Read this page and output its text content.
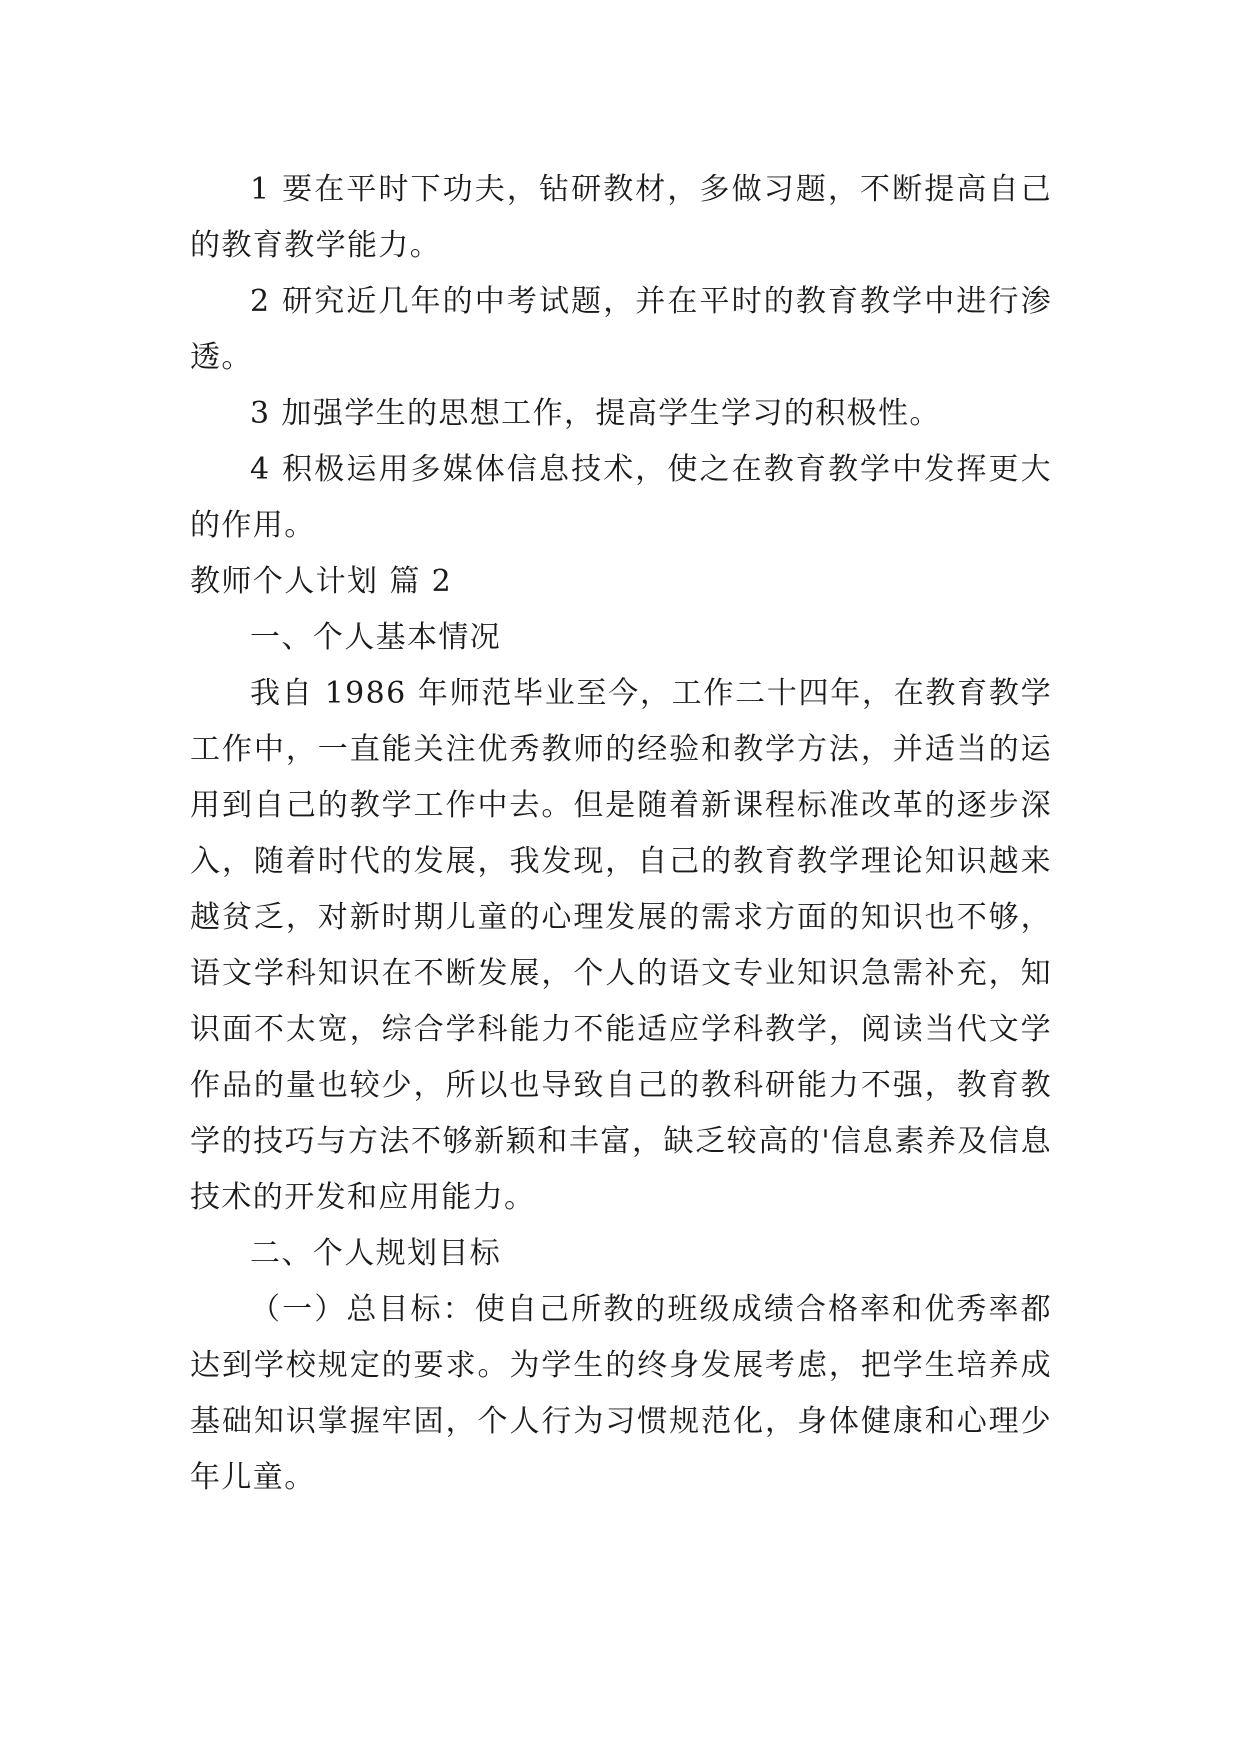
1 要在平时下功夫，钻研教材，多做习题，不断提高自己的教育教学能力。

2 研究近几年的中考试题，并在平时的教育教学中进行渗透。

3 加强学生的思想工作，提高学生学习的积极性。

4 积极运用多媒体信息技术，使之在教育教学中发挥更大的作用。

教师个人计划 篇 2

一、个人基本情况

我自 1986 年师范毕业至今，工作二十四年，在教育教学工作中，一直能关注优秀教师的经验和教学方法，并适当的运用到自己的教学工作中去。但是随着新课程标准改革的逐步深入，随着时代的发展，我发现，自己的教育教学理论知识越来越贫乏，对新时期儿童的心理发展的需求方面的知识也不够，语文学科知识在不断发展，个人的语文专业知识急需补充，知识面不太宽，综合学科能力不能适应学科教学，阅读当代文学作品的量也较少，所以也导致自己的教科研能力不强，教育教学的技巧与方法不够新颖和丰富，缺乏较高的'信息素养及信息技术的开发和应用能力。

二、个人规划目标

（一）总目标：使自己所教的班级成绩合格率和优秀率都达到学校规定的要求。为学生的终身发展考虑，把学生培养成基础知识掌握牢固，个人行为习惯规范化，身体健康和心理少年儿童。
